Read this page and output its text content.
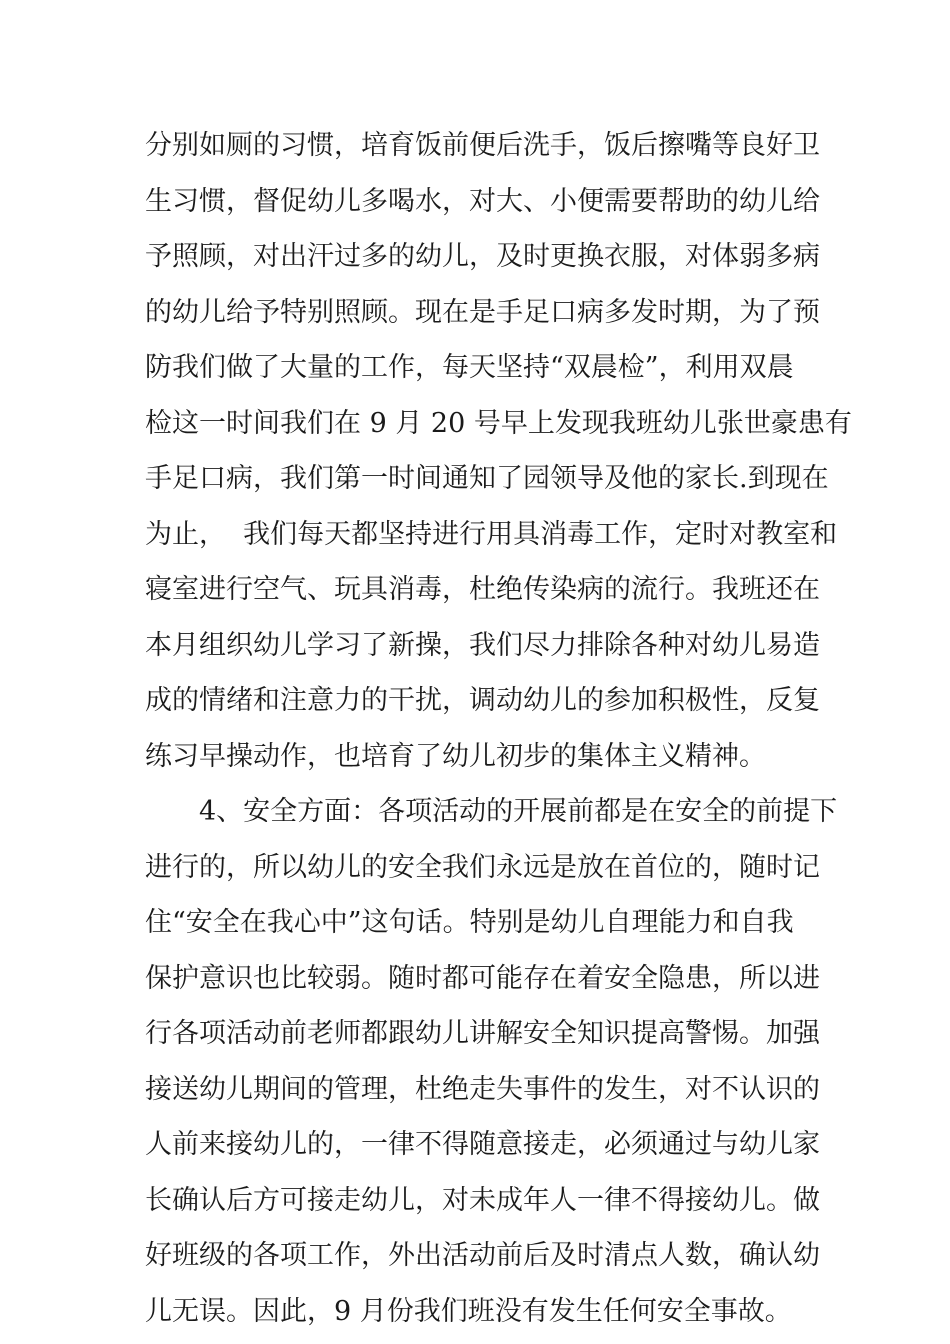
分别如厕的习惯，培育饭前便后洗手，饭后擦嘴等良好卫
生习惯，督促幼儿多喝水，对大、小便需要帮助的幼儿给
予照顾，对出汗过多的幼儿，及时更换衣服，对体弱多病
的幼儿给予特别照顾。现在是手足口病多发时期，为了预
防我们做了大量的工作，每天坚持“双晨检”，利用双晨
检这一时间我们在 9 月 20 号早上发现我班幼儿张世豪患有
手足口病，我们第一时间通知了园领导及他的家长.到现在
为止，  我们每天都坚持进行用具消毒工作，定时对教室和
寝室进行空气、玩具消毒，杜绝传染病的流行。我班还在
本月组织幼儿学习了新操，我们尽力排除各种对幼儿易造
成的情绪和注意力的干扰，调动幼儿的参加积极性，反复
练习早操动作，也培育了幼儿初步的集体主义精神。
4、安全方面：各项活动的开展前都是在安全的前提下
进行的，所以幼儿的安全我们永远是放在首位的，随时记
住“安全在我心中”这句话。特别是幼儿自理能力和自我
保护意识也比较弱。随时都可能存在着安全隐患，所以进
行各项活动前老师都跟幼儿讲解安全知识提高警惕。加强
接送幼儿期间的管理，杜绝走失事件的发生，对不认识的
人前来接幼儿的，一律不得随意接走，必须通过与幼儿家
长确认后方可接走幼儿，对未成年人一律不得接幼儿。做
好班级的各项工作，外出活动前后及时清点人数，确认幼
儿无误。因此，9 月份我们班没有发生任何安全事故。
